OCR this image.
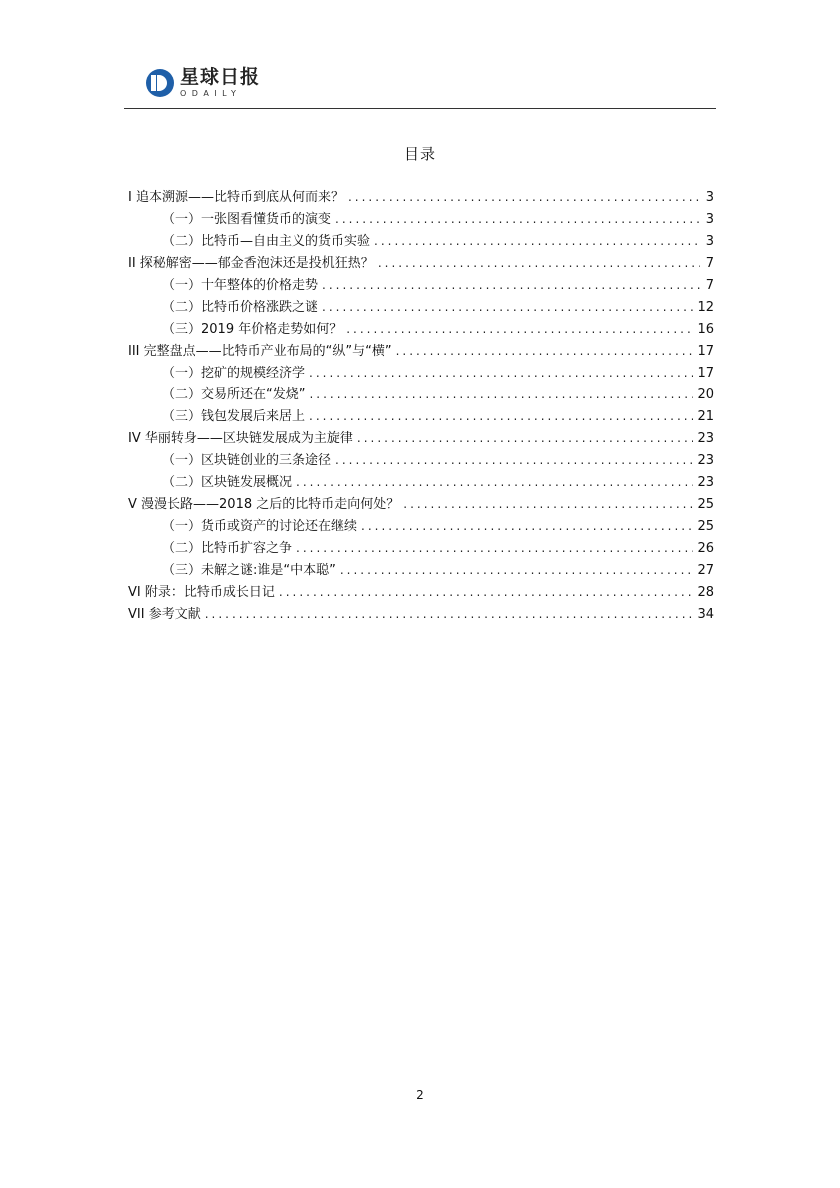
星球日报
ODAILY
目录
I 追本溯源——比特币到底从何而来？ .....	3
（一）一张图看懂货币的演变 .....	3
（二）比特币—自由主义的货币实验 .....	3
II 探秘解密——郁金香泡沫还是投机狂热？ .....	7
（一）十年整体的价格走势 .....	7
（二）比特币价格涨跌之谜 .....	12
（三）2019 年价格走势如何？ .....	16
III 完整盘点——比特币产业布局的“纵”与“横” .....	17
（一）挖矿的规模经济学 .....	17
（二）交易所还在“发烧” .....	20
（三）钱包发展后来居上 .....	21
IV 华丽转身——区块链发展成为主旋律 .....	23
（一）区块链创业的三条途径 .....	23
（二）区块链发展概况 .....	23
V 漫漫长路——2018 之后的比特币走向何处？ .....	25
（一）货币或资产的讨论还在继续 .....	25
（二）比特币扩容之争 .....	26
（三）未解之谜:谁是“中本聪” .....	27
VI 附录：比特币成长日记 .....	28
VII 参考文献 .....	34
2
